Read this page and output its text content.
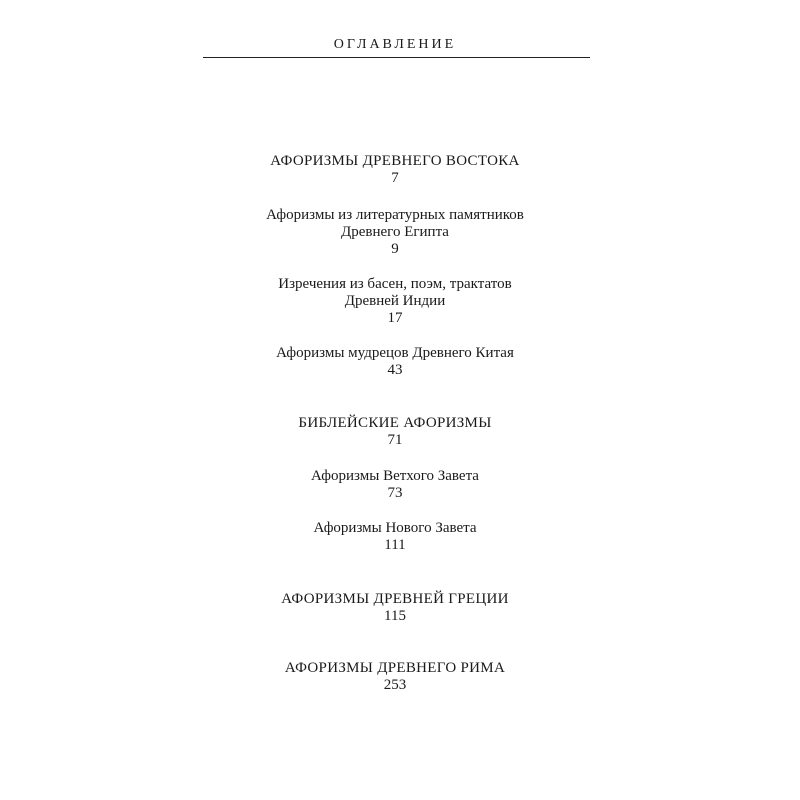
ОГЛАВЛЕНИЕ
АФОРИЗМЫ ДРЕВНЕГО ВОСТОКА
7
Афоризмы из литературных памятников
Древнего Египта
9
Изречения из басен, поэм, трактатов
Древней Индии
17
Афоризмы мудрецов Древнего Китая
43
БИБЛЕЙСКИЕ АФОРИЗМЫ
71
Афоризмы Ветхого Завета
73
Афоризмы Нового Завета
111
АФОРИЗМЫ ДРЕВНЕЙ ГРЕЦИИ
115
АФОРИЗМЫ ДРЕВНЕГО РИМА
253
